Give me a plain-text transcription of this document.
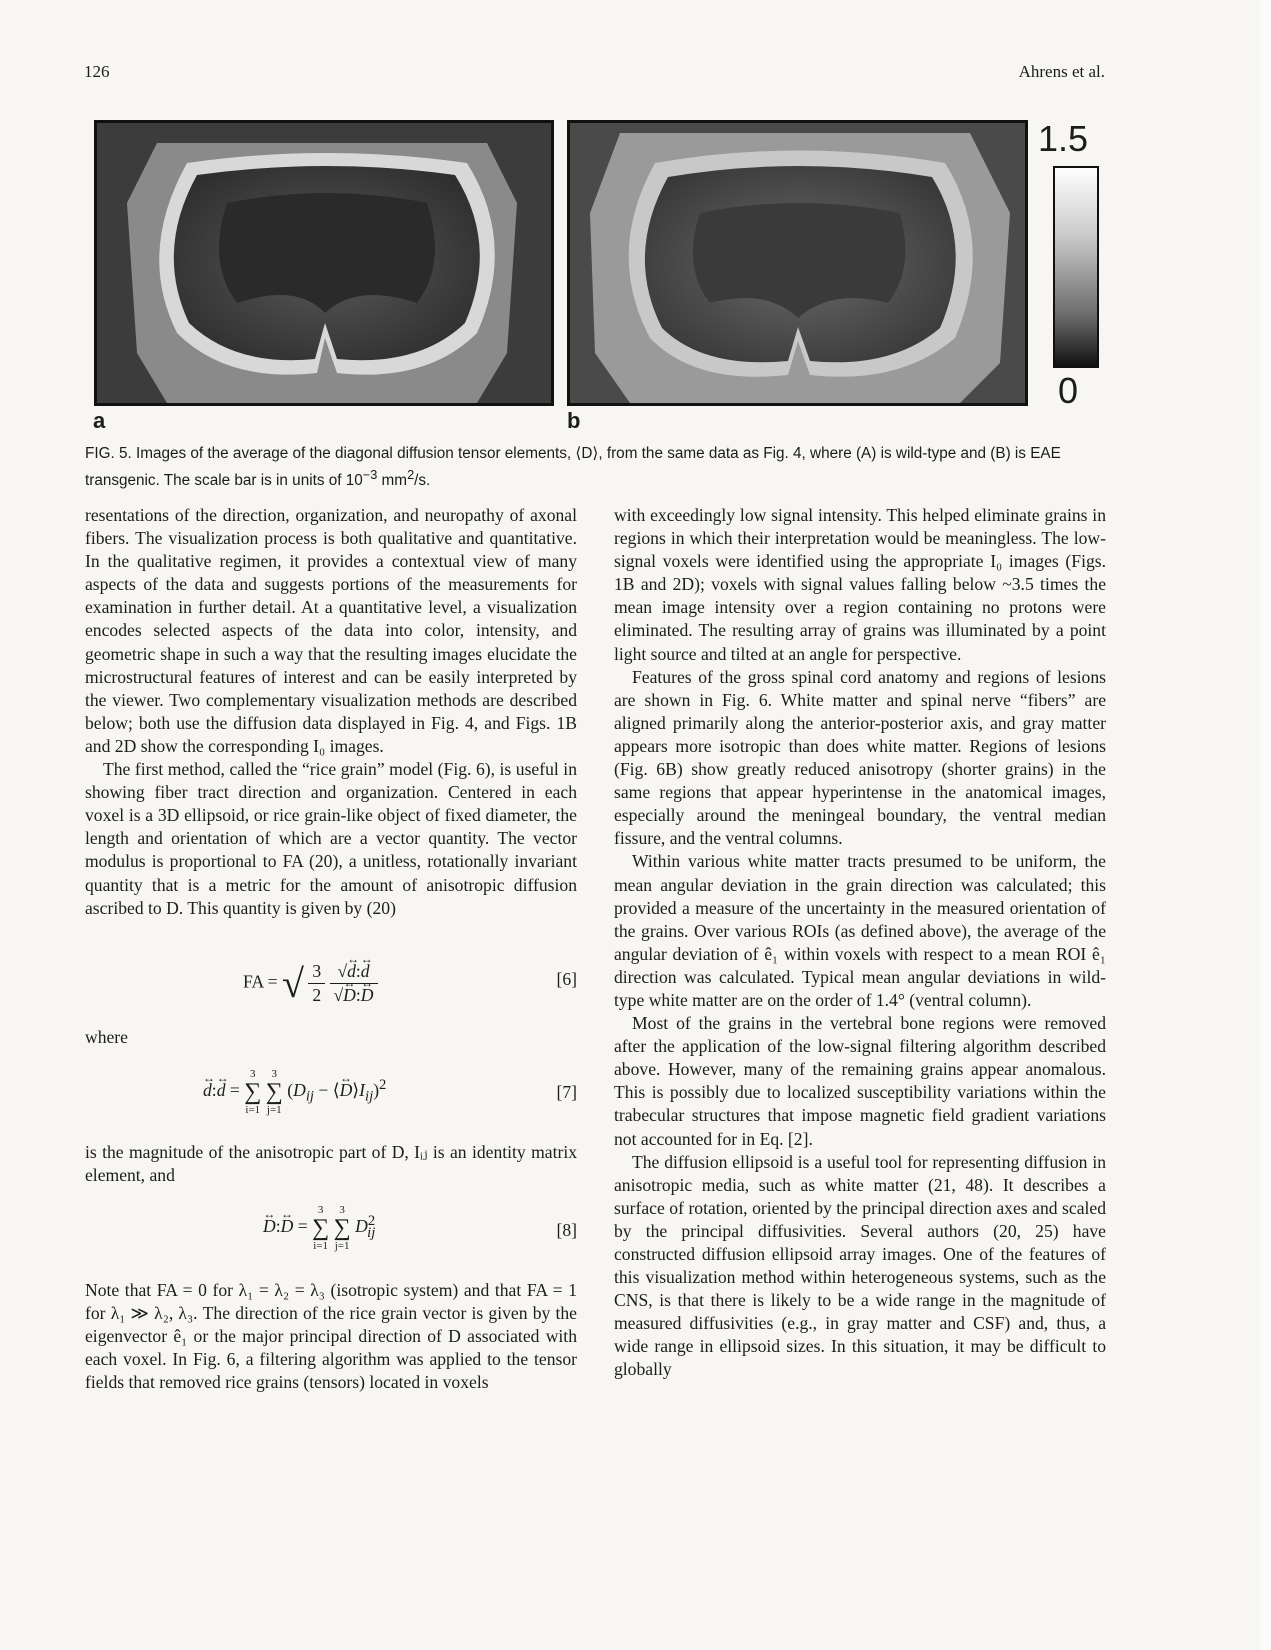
126	Ahrens et al.
a	b
1.5
0
FIG. 5. Images of the average of the diagonal diffusion tensor elements, ⟨D⟩, from the same data as Fig. 4, where (A) is wild-type and (B) is EAE transgenic. The scale bar is in units of $10^{-3}$ $mm^2/s$.

resentations of the direction, organization, and neuropathy of axonal fibers. The visualization process is both qualitative and quantitative. In the qualitative regimen, it provides a contextual view of many aspects of the data and suggests portions of the measurements for examination in further detail. At a quantitative level, a visualization encodes selected aspects of the data into color, intensity, and geometric shape in such a way that the resulting images elucidate the microstructural features of interest and can be easily interpreted by the viewer. Two complementary visualization methods are described below; both use the diffusion data displayed in Fig. 4, and Figs. 1B and 2D show the corresponding I₀ images.

The first method, called the “rice grain” model (Fig. 6), is useful in showing fiber tract direction and organization. Centered in each voxel is a 3D ellipsoid, or rice grain-like object of fixed diameter, the length and orientation of which are a vector quantity. The vector modulus is proportional to FA (20), a unitless, rotationally invariant quantity that is a metric for the amount of anisotropic diffusion ascribed to D. This quantity is given by (20)

FA = √ $\frac{3}{2}$
$\frac{√\leftrightarrow d:\leftrightarrow d}{√\leftrightarrow D:\leftrightarrow D}$	[6]

where

↔ d:↔ d =
3
∑
i=1

3
∑
j=1
($D_{ij}$ − ⟨↔ $D⟩I_{ij})^2$	[7]

is the magnitude of the anisotropic part of D, Iᵢⱼ is an identity matrix element, and

↔ D:↔ D =
3
∑
i=1

3
∑
j=1
$D^2_{ij}$	[8]

Note that FA = 0 for λ₁ = λ₂ = λ₃ (isotropic system) and that FA = 1 for λ₁ ≫ λ₂, λ₃. The direction of the rice grain vector is given by the eigenvector ê₁ or the major principal direction of D associated with each voxel. In Fig. 6, a filtering algorithm was applied to the tensor fields that removed rice grains (tensors) located in voxels

with exceedingly low signal intensity. This helped eliminate grains in regions in which their interpretation would be meaningless. The low-signal voxels were identified using the appropriate I₀ images (Figs. 1B and 2D); voxels with signal values falling below ~3.5 times the mean image intensity over a region containing no protons were eliminated. The resulting array of grains was illuminated by a point light source and tilted at an angle for perspective.

Features of the gross spinal cord anatomy and regions of lesions are shown in Fig. 6. White matter and spinal nerve “fibers” are aligned primarily along the anterior-posterior axis, and gray matter appears more isotropic than does white matter. Regions of lesions (Fig. 6B) show greatly reduced anisotropy (shorter grains) in the same regions that appear hyperintense in the anatomical images, especially around the meningeal boundary, the ventral median fissure, and the ventral columns.

Within various white matter tracts presumed to be uniform, the mean angular deviation in the grain direction was calculated; this provided a measure of the uncertainty in the measured orientation of the grains. Over various ROIs (as defined above), the average of the angular deviation of ê₁ within voxels with respect to a mean ROI ê₁ direction was calculated. Typical mean angular deviations in wild-type white matter are on the order of 1.4° (ventral column).

Most of the grains in the vertebral bone regions were removed after the application of the low-signal filtering algorithm described above. However, many of the remaining grains appear anomalous. This is possibly due to localized susceptibility variations within the trabecular structures that impose magnetic field gradient variations not accounted for in Eq. [2].

The diffusion ellipsoid is a useful tool for representing diffusion in anisotropic media, such as white matter (21, 48). It describes a surface of rotation, oriented by the principal direction axes and scaled by the principal diffusivities. Several authors (20, 25) have constructed diffusion ellipsoid array images. One of the features of this visualization method within heterogeneous systems, such as the CNS, is that there is likely to be a wide range in the magnitude of measured diffusivities (e.g., in gray matter and CSF) and, thus, a wide range in ellipsoid sizes. In this situation, it may be difficult to globally
